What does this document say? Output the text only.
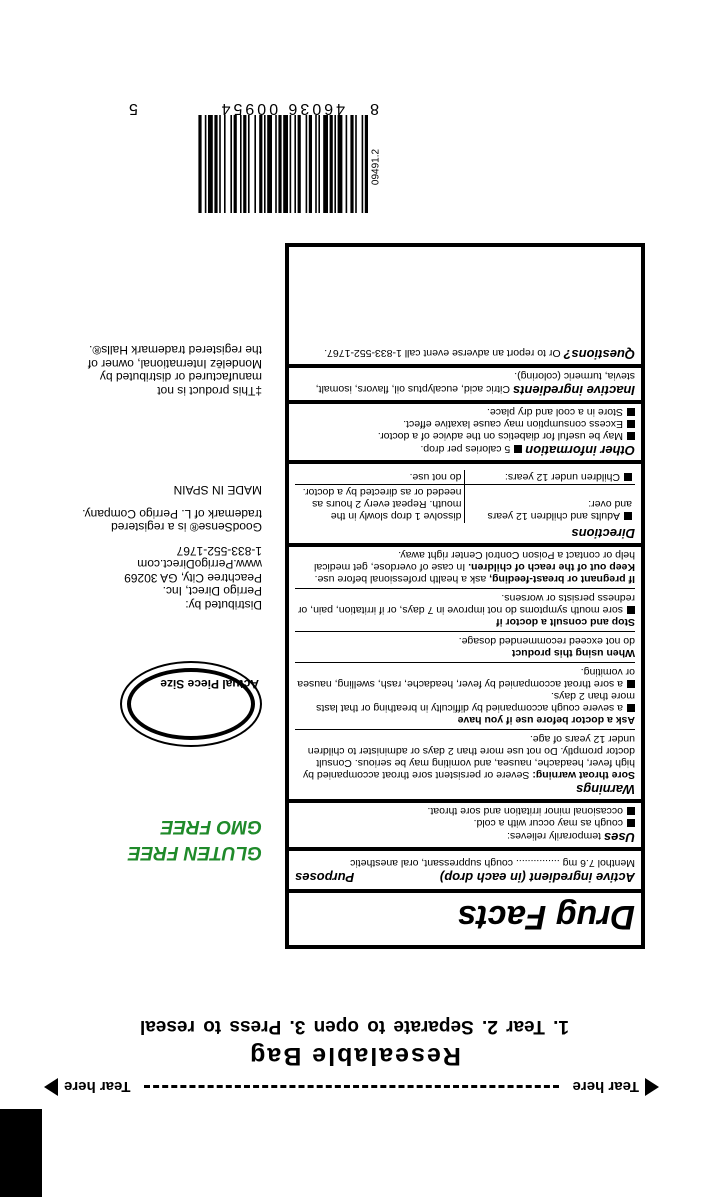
Tear here
Tear here
Resealable Bag
1. Tear 2. Separate to open 3. Press to reseal
Drug Facts
Active ingredient (in each drop)
Purposes
Menthol 7.6 mg ............... cough suppressant, oral anesthetic
Uses temporarily relieves:
cough as may occur with a cold.
occasional minor irritation and sore throat.
Warnings
Sore throat warning: Severe or persistent sore throat accompanied by high fever, headache, nausea, and vomiting may be serious. Consult doctor promptly. Do not use more than 2 days or administer to children under 12 years of age.
Ask a doctor before use if you have
a severe cough accompanied by difficulty in breathing or that lasts more than 2 days.
a sore throat accompanied by fever, headache, rash, swelling, nausea or vomiting.
When using this product
do not exceed recommended dosage.
Stop and consult a doctor if
sore mouth symptoms do not improve in 7 days, or if irritation, pain, or redness persists or worsens.
If pregnant or breast-feeding, ask a health professional before use. Keep out of the reach of children. In case of overdose, get medical help or contact a Poison Control Center right away.
Directions
Adults and children 12 years and over:	dissolve 1 drop slowly in the mouth. Repeat every 2 hours as needed or as directed by a doctor.
Children under 12 years:	do not use.
Other information 5 calories per drop.
May be useful for diabetics on the advice of a doctor.
Excess consumption may cause laxative effect.
Store in a cool and dry place.
Inactive ingredients Citric acid, eucalyptus oil, flavors, isomalt, stevia, turmeric (coloring).
Questions? Or to report an adverse event call 1-833-552-1767.
GLUTEN FREE
GMO FREE
Actual Piece Size
Distributed by:
Perrigo Direct, Inc.
Peachtree City, GA 30269
www.PerrigoDirect.com
1-833-552-1767
GoodSense® is a registered
trademark of L. Perrigo Company.
MADE IN SPAIN
‡This product is not
manufactured or distributed by
Mondelēz International, owner of
the registered trademark Halls®.
8
46036 00954
5
09491.2
